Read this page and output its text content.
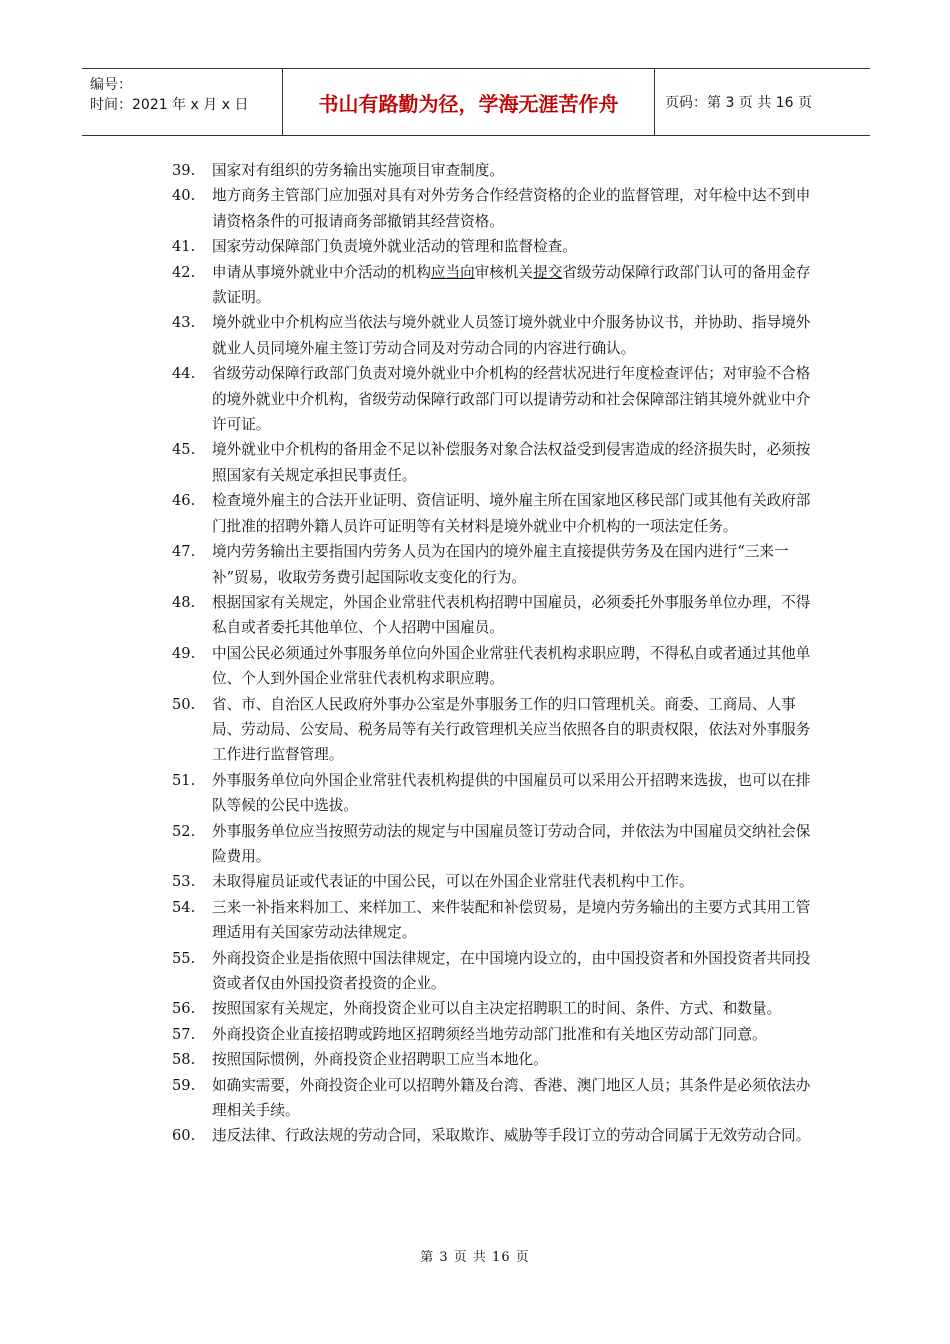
编号：
时间：2021 年 x 月 x 日	书山有路勤为径，学海无涯苦作舟	页码：第 3 页 共 16 页
39.	国家对有组织的劳务输出实施项目审查制度。
40.	地方商务主管部门应加强对具有对外劳务合作经营资格的企业的监督管理，对年检中达不到申请资格条件的可报请商务部撤销其经营资格。
41.	国家劳动保障部门负责境外就业活动的管理和监督检查。
42.	申请从事境外就业中介活动的机构应当向审核机关提交省级劳动保障行政部门认可的备用金存款证明。
43.	境外就业中介机构应当依法与境外就业人员签订境外就业中介服务协议书，并协助、指导境外就业人员同境外雇主签订劳动合同及对劳动合同的内容进行确认。
44.	省级劳动保障行政部门负责对境外就业中介机构的经营状况进行年度检查评估；对审验不合格的境外就业中介机构，省级劳动保障行政部门可以提请劳动和社会保障部注销其境外就业中介许可证。
45.	境外就业中介机构的备用金不足以补偿服务对象合法权益受到侵害造成的经济损失时，必须按照国家有关规定承担民事责任。
46.	检查境外雇主的合法开业证明、资信证明、境外雇主所在国家地区移民部门或其他有关政府部门批准的招聘外籍人员许可证明等有关材料是境外就业中介机构的一项法定任务。
47.	境内劳务输出主要指国内劳务人员为在国内的境外雇主直接提供劳务及在国内进行“三来一补”贸易，收取劳务费引起国际收支变化的行为。
48.	根据国家有关规定，外国企业常驻代表机构招聘中国雇员，必须委托外事服务单位办理，不得私自或者委托其他单位、个人招聘中国雇员。
49.	中国公民必须通过外事服务单位向外国企业常驻代表机构求职应聘，不得私自或者通过其他单位、个人到外国企业常驻代表机构求职应聘。
50.	省、市、自治区人民政府外事办公室是外事服务工作的归口管理机关。商委、工商局、人事局、劳动局、公安局、税务局等有关行政管理机关应当依照各自的职责权限，依法对外事服务工作进行监督管理。
51.	外事服务单位向外国企业常驻代表机构提供的中国雇员可以采用公开招聘来选拔，也可以在排队等候的公民中选拔。
52.	外事服务单位应当按照劳动法的规定与中国雇员签订劳动合同，并依法为中国雇员交纳社会保险费用。
53.	未取得雇员证或代表证的中国公民，可以在外国企业常驻代表机构中工作。
54.	三来一补指来料加工、来样加工、来件装配和补偿贸易，是境内劳务输出的主要方式其用工管理适用有关国家劳动法律规定。
55.	外商投资企业是指依照中国法律规定，在中国境内设立的，由中国投资者和外国投资者共同投资或者仅由外国投资者投资的企业。
56.	按照国家有关规定，外商投资企业可以自主决定招聘职工的时间、条件、方式、和数量。
57.	外商投资企业直接招聘或跨地区招聘须经当地劳动部门批准和有关地区劳动部门同意。
58.	按照国际惯例，外商投资企业招聘职工应当本地化。
59.	如确实需要，外商投资企业可以招聘外籍及台湾、香港、澳门地区人员；其条件是必须依法办理相关手续。
60.	违反法律、行政法规的劳动合同，采取欺诈、威胁等手段订立的劳动合同属于无效劳动合同。
第 3 页 共 16 页
